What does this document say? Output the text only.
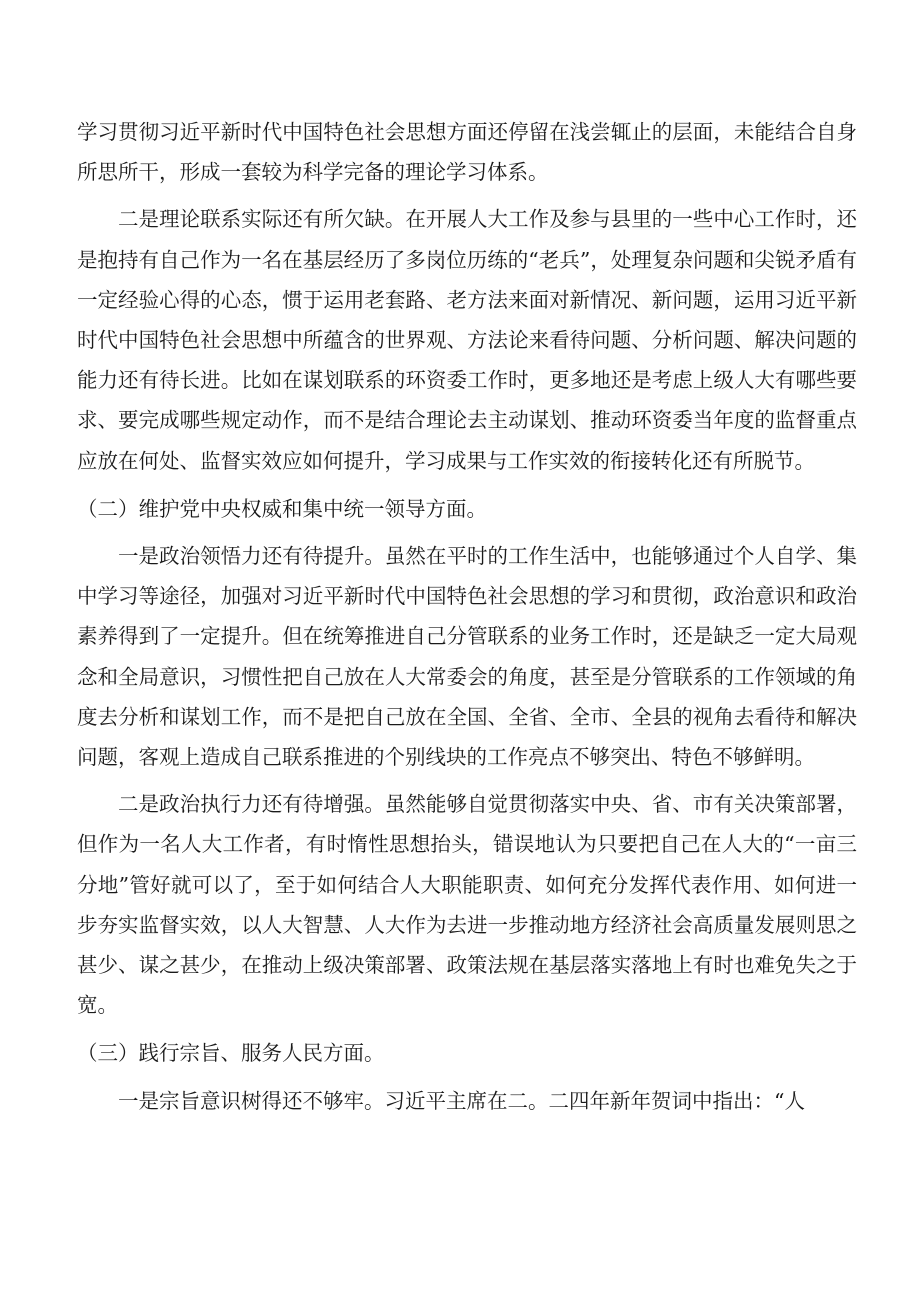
学习贯彻习近平新时代中国特色社会思想方面还停留在浅尝辄止的层面，未能结合自身所思所干，形成一套较为科学完备的理论学习体系。

二是理论联系实际还有所欠缺。在开展人大工作及参与县里的一些中心工作时，还是抱持有自己作为一名在基层经历了多岗位历练的“老兵”，处理复杂问题和尖锐矛盾有一定经验心得的心态，惯于运用老套路、老方法来面对新情况、新问题，运用习近平新时代中国特色社会思想中所蕴含的世界观、方法论来看待问题、分析问题、解决问题的能力还有待长进。比如在谋划联系的环资委工作时，更多地还是考虑上级人大有哪些要求、要完成哪些规定动作，而不是结合理论去主动谋划、推动环资委当年度的监督重点应放在何处、监督实效应如何提升，学习成果与工作实效的衔接转化还有所脱节。

（二）维护党中央权威和集中统一领导方面。

一是政治领悟力还有待提升。虽然在平时的工作生活中，也能够通过个人自学、集中学习等途径，加强对习近平新时代中国特色社会思想的学习和贯彻，政治意识和政治素养得到了一定提升。但在统筹推进自己分管联系的业务工作时，还是缺乏一定大局观念和全局意识，习惯性把自己放在人大常委会的角度，甚至是分管联系的工作领域的角度去分析和谋划工作，而不是把自己放在全国、全省、全市、全县的视角去看待和解决问题，客观上造成自己联系推进的个别线块的工作亮点不够突出、特色不够鲜明。

二是政治执行力还有待增强。虽然能够自觉贯彻落实中央、省、市有关决策部署，但作为一名人大工作者，有时惰性思想抬头，错误地认为只要把自己在人大的“一亩三分地”管好就可以了，至于如何结合人大职能职责、如何充分发挥代表作用、如何进一步夯实监督实效，以人大智慧、人大作为去进一步推动地方经济社会高质量发展则思之甚少、谋之甚少，在推动上级决策部署、政策法规在基层落实落地上有时也难免失之于宽。

（三）践行宗旨、服务人民方面。

一是宗旨意识树得还不够牢。习近平主席在二。二四年新年贺词中指出：“人
